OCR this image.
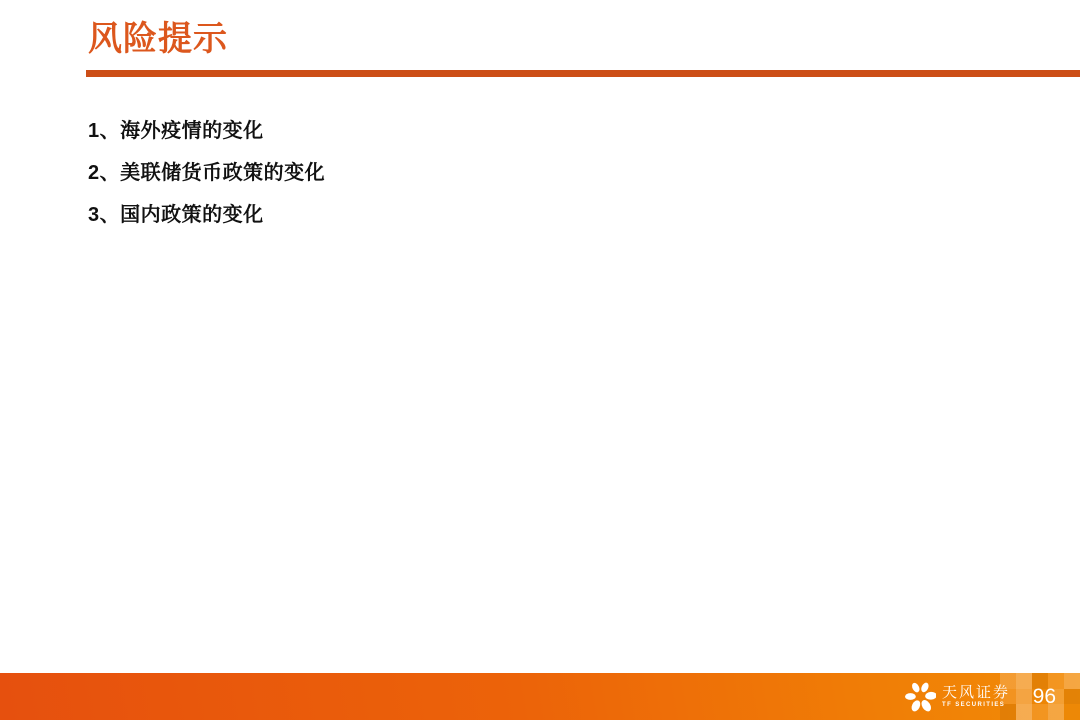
风险提示
1、海外疫情的变化
2、美联储货币政策的变化
3、国内政策的变化
天风证券
TF SECURITIES 96
